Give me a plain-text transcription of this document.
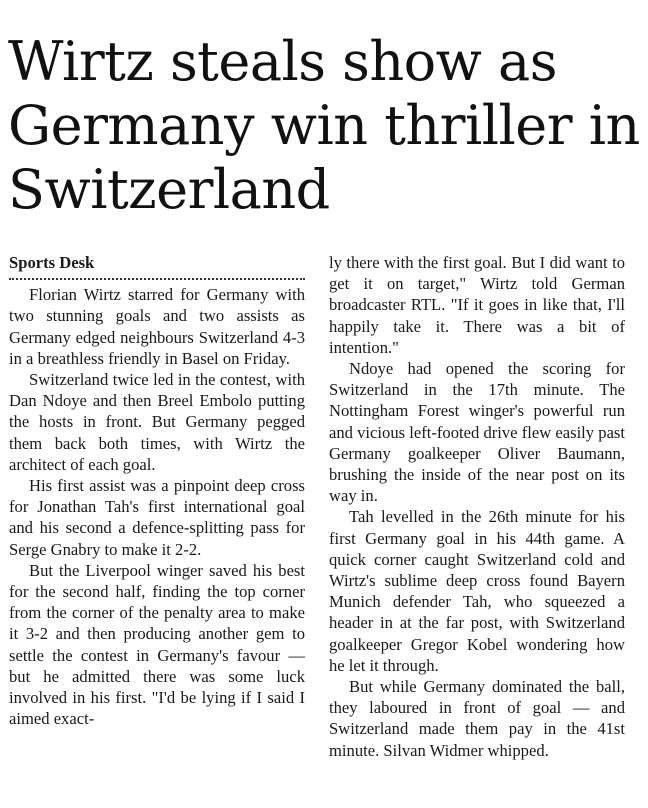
Wirtz steals show as Germany win thriller in Switzerland
Sports Desk

Florian Wirtz starred for Germany with two stunning goals and two assists as Germany edged neighbours Switzerland 4-3 in a breathless friendly in Basel on Friday.

Switzerland twice led in the contest, with Dan Ndoye and then Breel Embolo putting the hosts in front. But Germany pegged them back both times, with Wirtz the architect of each goal.

His first assist was a pinpoint deep cross for Jonathan Tah's first international goal and his second a defence-splitting pass for Serge Gnabry to make it 2-2.

But the Liverpool winger saved his best for the second half, finding the top corner from the corner of the penalty area to make it 3-2 and then producing another gem to settle the contest in Germany's favour — but he admitted there was some luck involved in his first. "I'd be lying if I said I aimed exact-

ly there with the first goal. But I did want to get it on target," Wirtz told German broadcaster RTL. "If it goes in like that, I'll happily take it. There was a bit of intention."

Ndoye had opened the scoring for Switzerland in the 17th minute. The Nottingham Forest winger's powerful run and vicious left-footed drive flew easily past Germany goalkeeper Oliver Baumann, brushing the inside of the near post on its way in.

Tah levelled in the 26th minute for his first Germany goal in his 44th game. A quick corner caught Switzerland cold and Wirtz's sublime deep cross found Bayern Munich defender Tah, who squeezed a header in at the far post, with Switzerland goalkeeper Gregor Kobel wondering how he let it through.

But while Germany dominated the ball, they laboured in front of goal — and Switzerland made them pay in the 41st minute. Silvan Widmer whipped.
